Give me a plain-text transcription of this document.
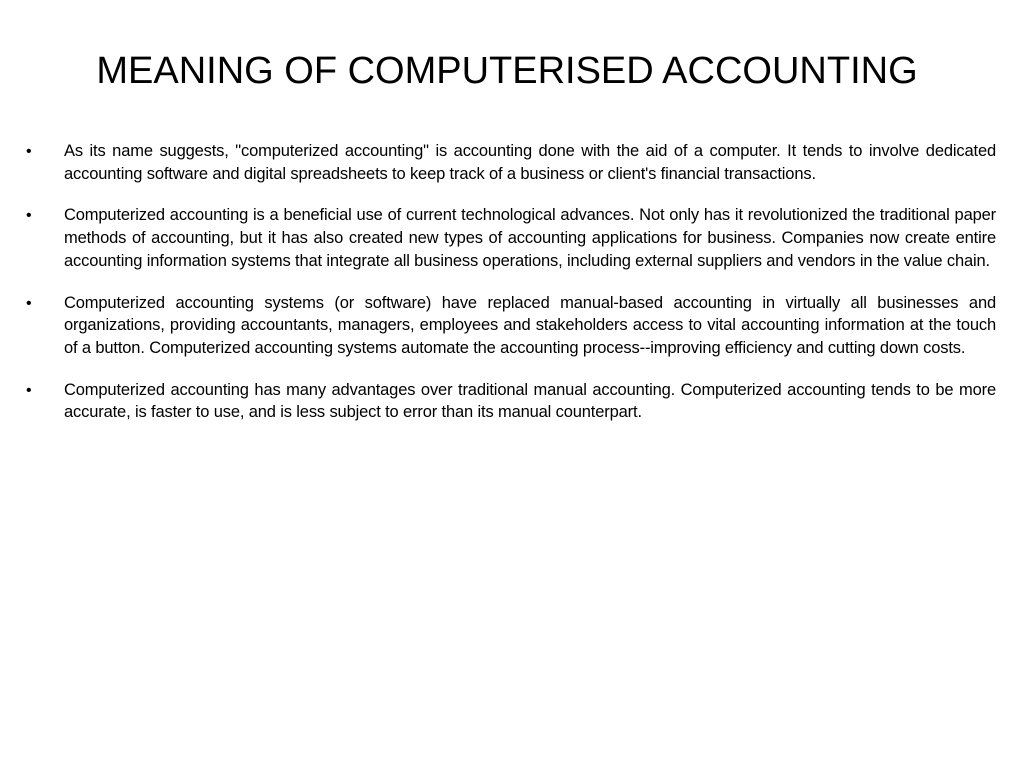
MEANING OF COMPUTERISED ACCOUNTING
• As its name suggests, "computerized accounting" is accounting done with the aid of a computer. It tends to involve dedicated accounting software and digital spreadsheets to keep track of a business or client's financial transactions.
• Computerized accounting is a beneficial use of current technological advances. Not only has it revolutionized the traditional paper methods of accounting, but it has also created new types of accounting applications for business. Companies now create entire accounting information systems that integrate all business operations, including external suppliers and vendors in the value chain.
• Computerized accounting systems (or software) have replaced manual-based accounting in virtually all businesses and organizations, providing accountants, managers, employees and stakeholders access to vital accounting information at the touch of a button. Computerized accounting systems automate the accounting process--improving efficiency and cutting down costs.
• Computerized accounting has many advantages over traditional manual accounting. Computerized accounting tends to be more accurate, is faster to use, and is less subject to error than its manual counterpart.
